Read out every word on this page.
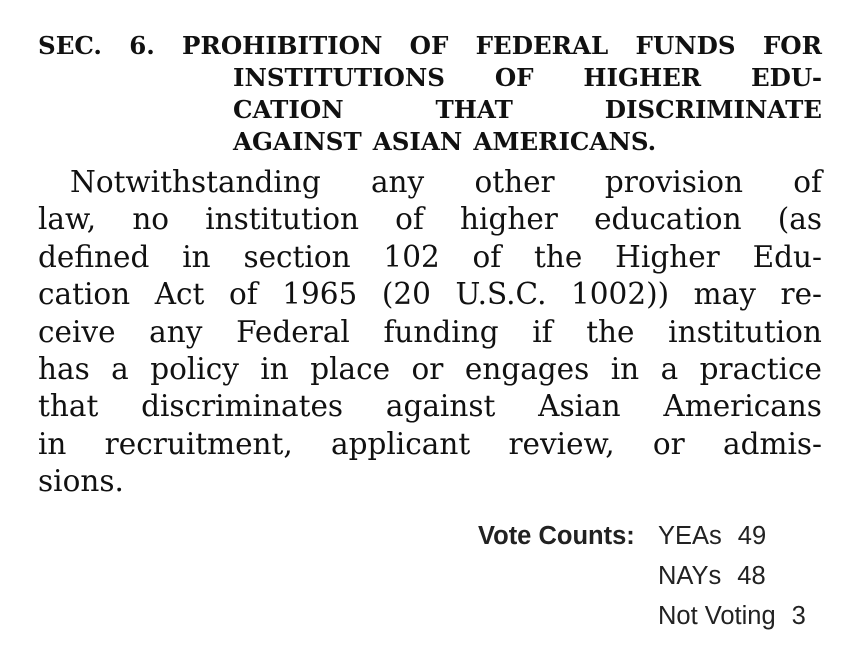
SEC. 6. PROHIBITION OF FEDERAL FUNDS FOR
INSTITUTIONS OF HIGHER EDU-
CATION	THAT	DISCRIMINATE
AGAINST ASIAN AMERICANS.
Notwithstanding any other provision of
law, no institution of higher education (as
defined in section 102 of the Higher Edu-
cation Act of 1965 (20 U.S.C. 1002)) may re-
ceive any Federal funding if the institution
has a policy in place or engages in a practice
that discriminates against Asian Americans
in recruitment, applicant review, or admis-
sions.
Vote Counts: YEAs 49
NAYs 48
Not Voting 3
